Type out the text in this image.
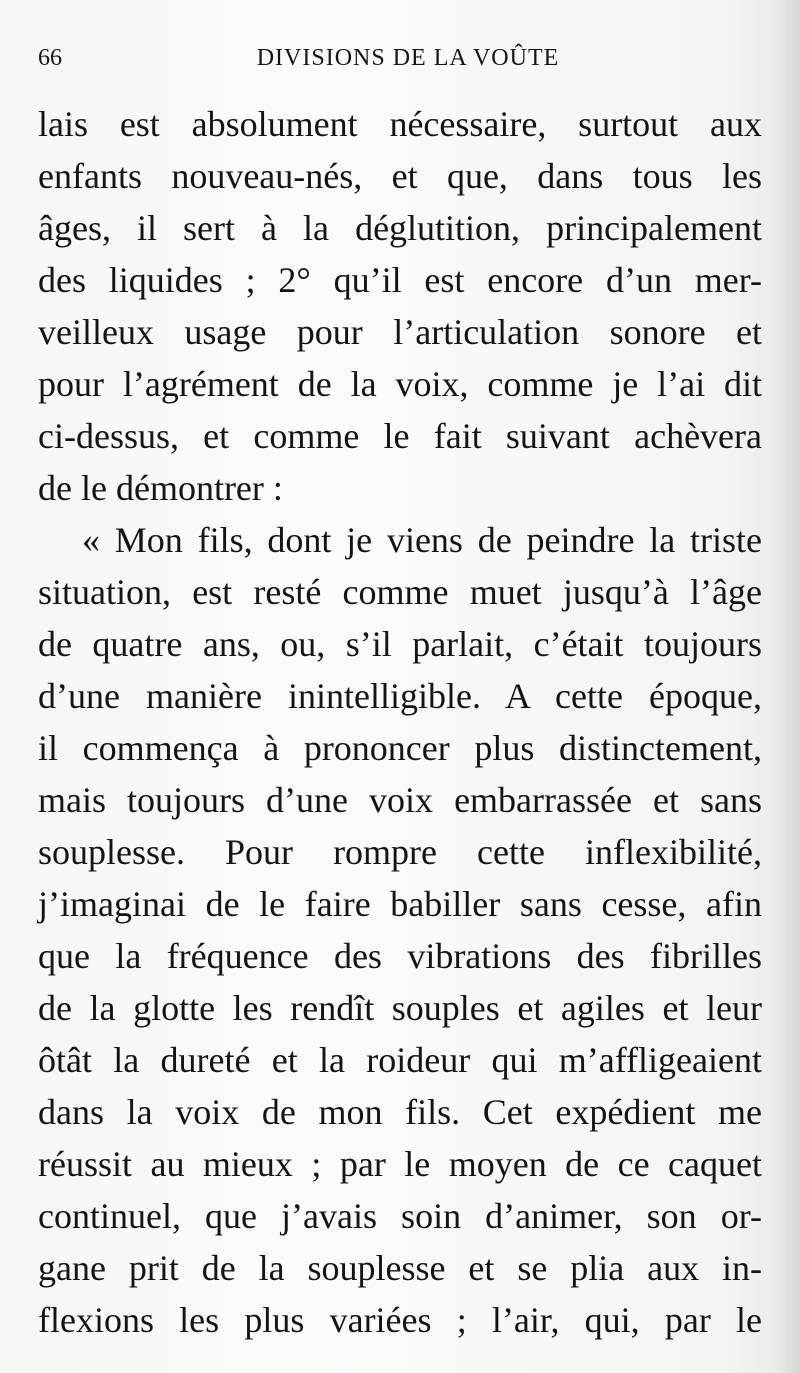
66	DIVISIONS DE LA VOÛTE
lais est absolument nécessaire, surtout aux
enfants nouveau-nés, et que, dans tous les
âges, il sert à la déglutition, principalement
des liquides ; 2° qu’il est encore d’un mer-
veilleux usage pour l’articulation sonore et
pour l’agrément de la voix, comme je l’ai dit
ci-dessus, et comme le fait suivant achèvera
de le démontrer :
« Mon fils, dont je viens de peindre la triste
situation, est resté comme muet jusqu’à l’âge
de quatre ans, ou, s’il parlait, c’était toujours
d’une manière inintelligible. A cette époque,
il commença à prononcer plus distinctement,
mais toujours d’une voix embarrassée et sans
souplesse. Pour rompre cette inflexibilité,
j’imaginai de le faire babiller sans cesse, afin
que la fréquence des vibrations des fibrilles
de la glotte les rendît souples et agiles et leur
ôtât la dureté et la roideur qui m’affligeaient
dans la voix de mon fils. Cet expédient me
réussit au mieux ; par le moyen de ce caquet
continuel, que j’avais soin d’animer, son or-
gane prit de la souplesse et se plia aux in-
flexions les plus variées ; l’air, qui, par le
